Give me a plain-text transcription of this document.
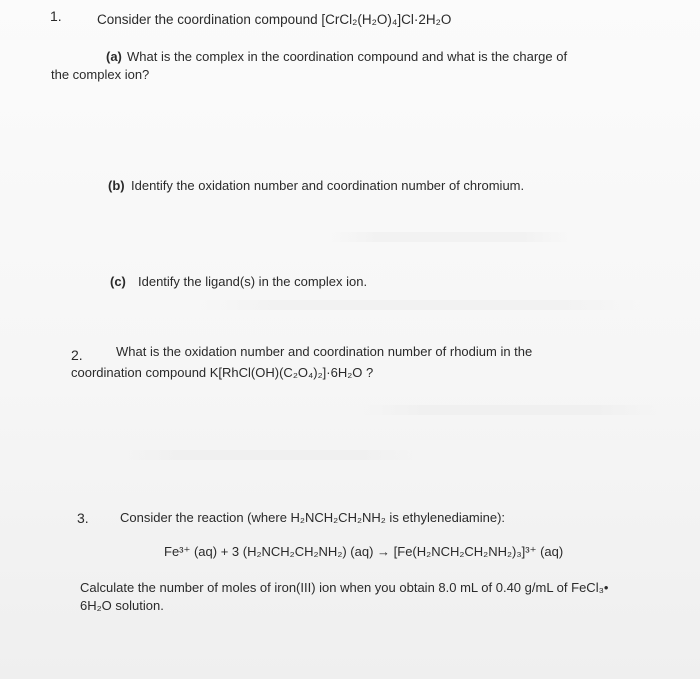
1.	Consider the coordination compound [CrCl₂(H₂O)₄]Cl·2H₂O
(a) What is the complex in the coordination compound and what is the charge of
the complex ion?
(b) Identify the oxidation number and coordination number of chromium.
(c) Identify the ligand(s) in the complex ion.
2.	What is the oxidation number and coordination number of rhodium in the
coordination compound K[RhCl(OH)(C₂O₄)₂]·6H₂O ?
3. Consider the reaction (where H₂NCH₂CH₂NH₂ is ethylenediamine):
Fe³⁺ (aq) + 3 (H₂NCH₂CH₂NH₂) (aq) → [Fe(H₂NCH₂CH₂NH₂)₃]³⁺ (aq)
Calculate the number of moles of iron(III) ion when you obtain 8.0 mL of 0.40 g/mL of FeCl₃•
6H₂O solution.
